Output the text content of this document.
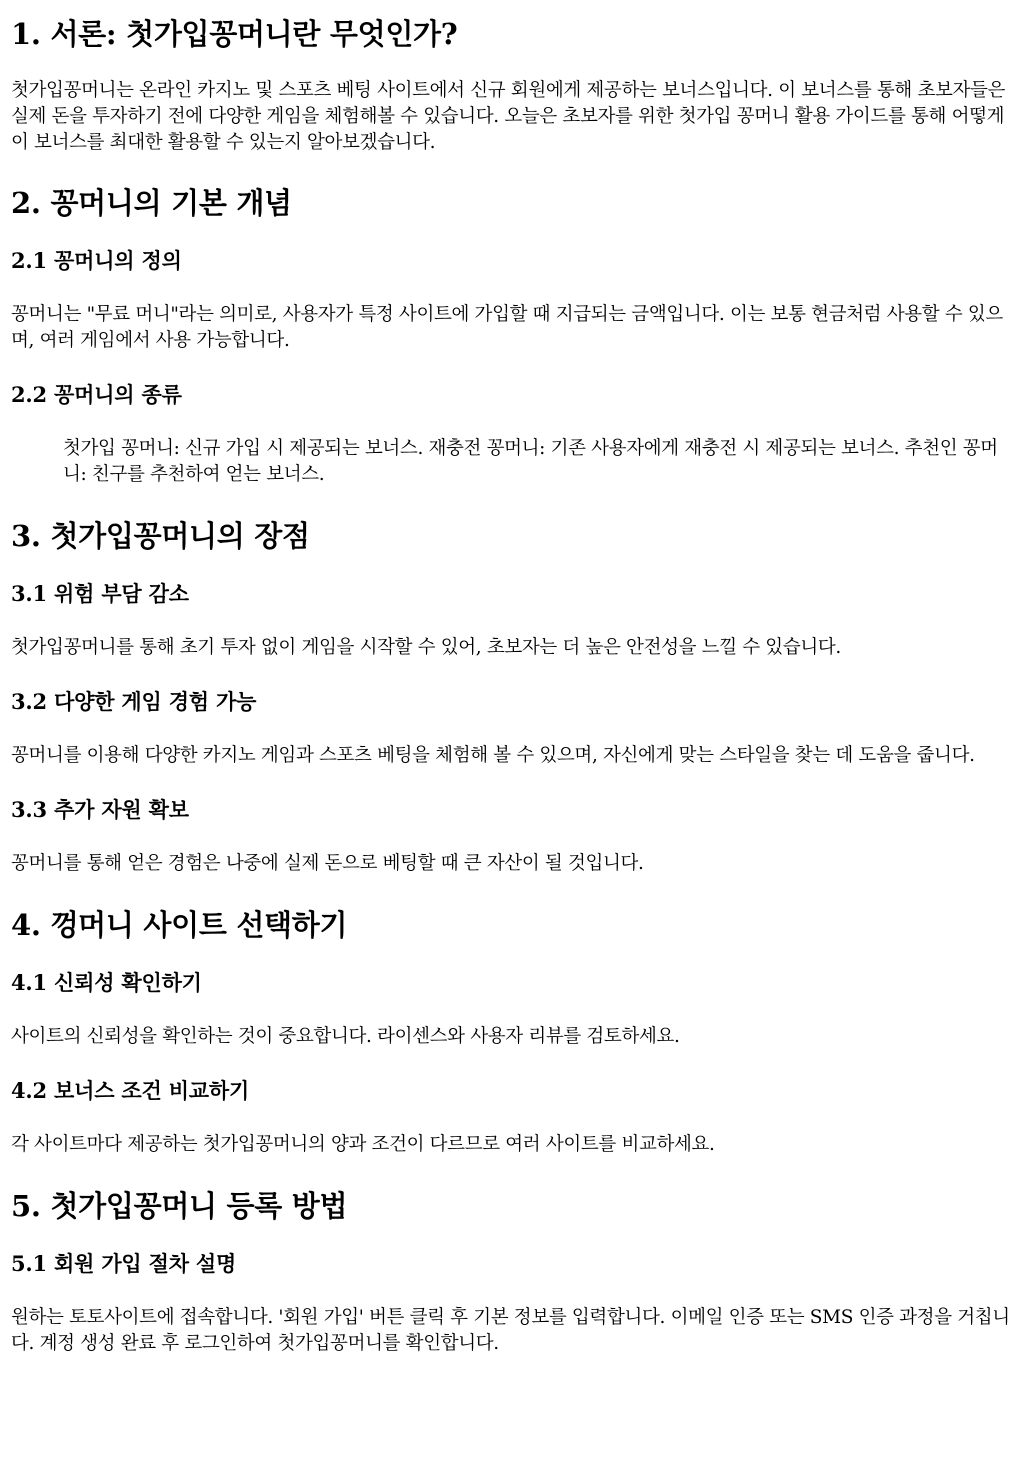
1. 서론: 첫가입꽁머니란 무엇인가?

첫가입꽁머니는 온라인 카지노 및 스포츠 베팅 사이트에서 신규 회원에게 제공하는 보너스입니다. 이 보너스를 통해 초보자들은 실제 돈을 투자하기 전에 다양한 게임을 체험해볼 수 있습니다. 오늘은 초보자를 위한 첫가입 꽁머니 활용 가이드를 통해 어떻게 이 보너스를 최대한 활용할 수 있는지 알아보겠습니다.

2. 꽁머니의 기본 개념
2.1 꽁머니의 정의

꽁머니는 "무료 머니"라는 의미로, 사용자가 특정 사이트에 가입할 때 지급되는 금액입니다. 이는 보통 현금처럼 사용할 수 있으며, 여러 게임에서 사용 가능합니다.

2.2 꽁머니의 종류

첫가입 꽁머니: 신규 가입 시 제공되는 보너스. 재충전 꽁머니: 기존 사용자에게 재충전 시 제공되는 보너스. 추천인 꽁머니: 친구를 추천하여 얻는 보너스.

3. 첫가입꽁머니의 장점
3.1 위험 부담 감소

첫가입꽁머니를 통해 초기 투자 없이 게임을 시작할 수 있어, 초보자는 더 높은 안전성을 느낄 수 있습니다.

3.2 다양한 게임 경험 가능

꽁머니를 이용해 다양한 카지노 게임과 스포츠 베팅을 체험해 볼 수 있으며, 자신에게 맞는 스타일을 찾는 데 도움을 줍니다.

3.3 추가 자원 확보

꽁머니를 통해 얻은 경험은 나중에 실제 돈으로 베팅할 때 큰 자산이 될 것입니다.

4. 껑머니 사이트 선택하기
4.1 신뢰성 확인하기

사이트의 신뢰성을 확인하는 것이 중요합니다. 라이센스와 사용자 리뷰를 검토하세요.

4.2 보너스 조건 비교하기

각 사이트마다 제공하는 첫가입꽁머니의 양과 조건이 다르므로 여러 사이트를 비교하세요.

5. 첫가입꽁머니 등록 방법
5.1 회원 가입 절차 설명

원하는 토토사이트에 접속합니다. '회원 가입' 버튼 클릭 후 기본 정보를 입력합니다. 이메일 인증 또는 SMS 인증 과정을 거칩니다. 계정 생성 완료 후 로그인하여 첫가입꽁머니를 확인합니다.
